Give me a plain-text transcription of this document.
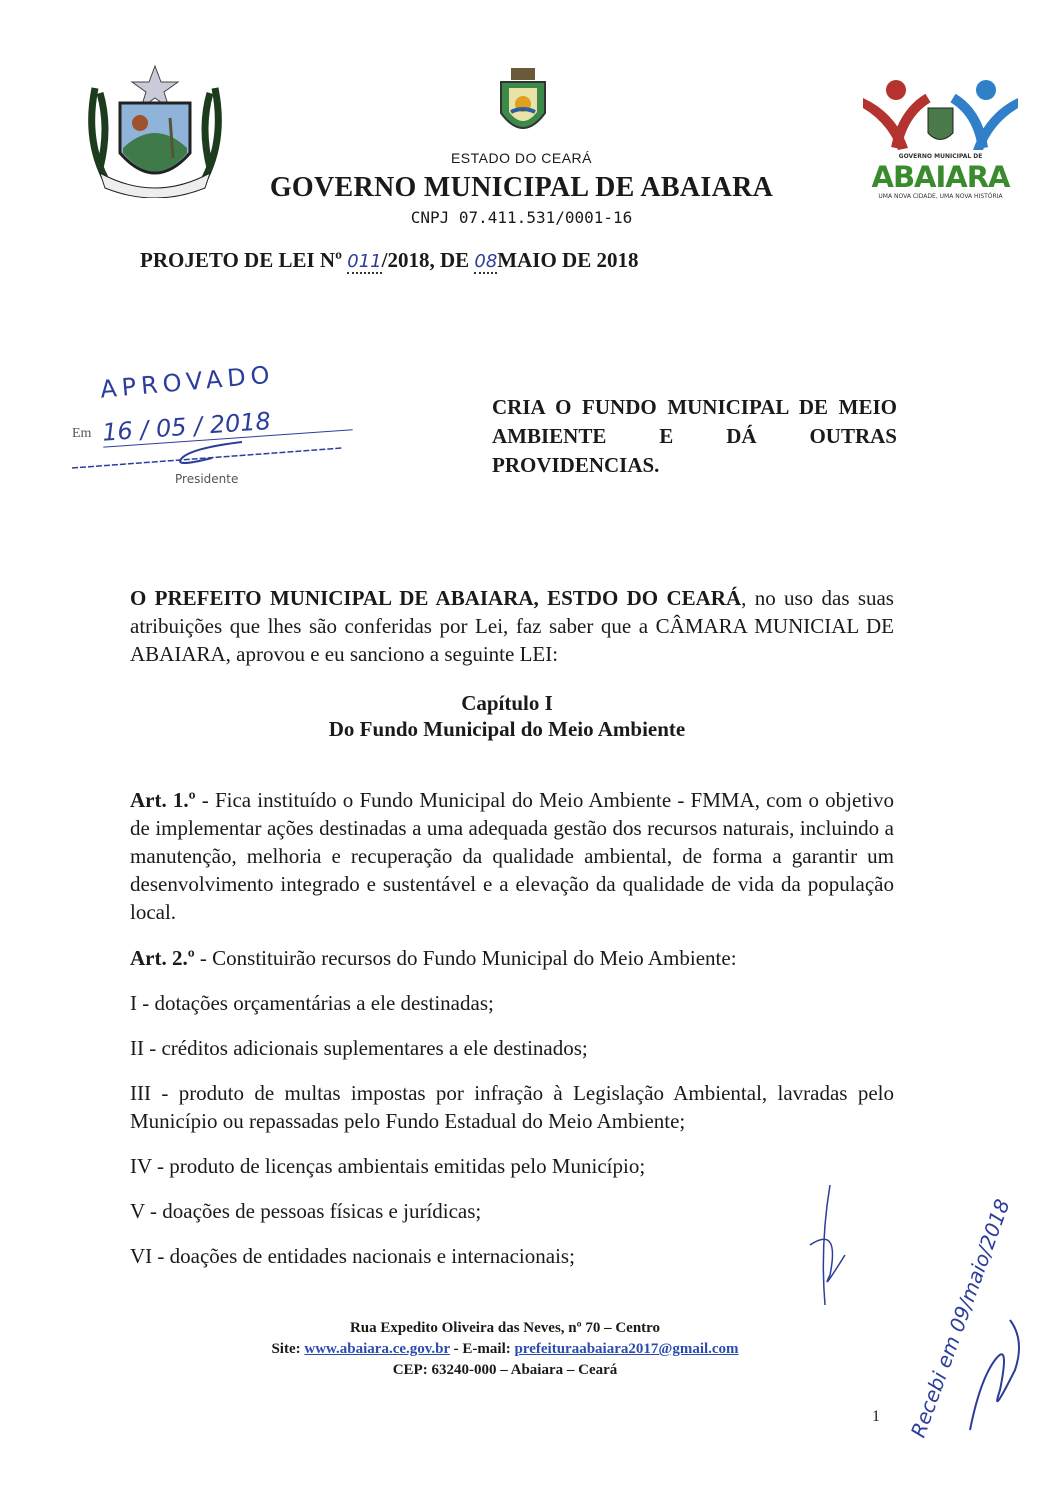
GOVERNO MUNICIPAL DE
ABAIARA
UMA NOVA CIDADE, UMA NOVA HISTÓRIA
ESTADO DO CEARÁ
GOVERNO MUNICIPAL DE ABAIARA
CNPJ 07.411.531/0001-16
PROJETO DE LEI Nº 011/2018, DE 08MAIO DE 2018
APROVADO
Em 16 / 05 / 2018
Presidente
CRIA O FUNDO MUNICIPAL DE MEIO AMBIENTE E DÁ OUTRAS PROVIDENCIAS.
O PREFEITO MUNICIPAL DE ABAIARA, ESTDO DO CEARÁ, no uso das suas atribuições que lhes são conferidas por Lei, faz saber que a CÂMARA MUNICIAL DE ABAIARA, aprovou e eu sanciono a seguinte LEI:
Capítulo I
Do Fundo Municipal do Meio Ambiente
Art. 1.º - Fica instituído o Fundo Municipal do Meio Ambiente - FMMA, com o objetivo de implementar ações destinadas a uma adequada gestão dos recursos naturais, incluindo a manutenção, melhoria e recuperação da qualidade ambiental, de forma a garantir um desenvolvimento integrado e sustentável e a elevação da qualidade de vida da população local.
Art. 2.º - Constituirão recursos do Fundo Municipal do Meio Ambiente:
I - dotações orçamentárias a ele destinadas;
II - créditos adicionais suplementares a ele destinados;
III - produto de multas impostas por infração à Legislação Ambiental, lavradas pelo Município ou repassadas pelo Fundo Estadual do Meio Ambiente;
IV - produto de licenças ambientais emitidas pelo Município;
V - doações de pessoas físicas e jurídicas;
VI - doações de entidades nacionais e internacionais;
Rua Expedito Oliveira das Neves, nº 70 – Centro
Site: www.abaiara.ce.gov.br - E-mail: prefeituraabaiara2017@gmail.com
CEP: 63240-000 – Abaiara – Ceará
1 Recebi em 09/maio/2018
